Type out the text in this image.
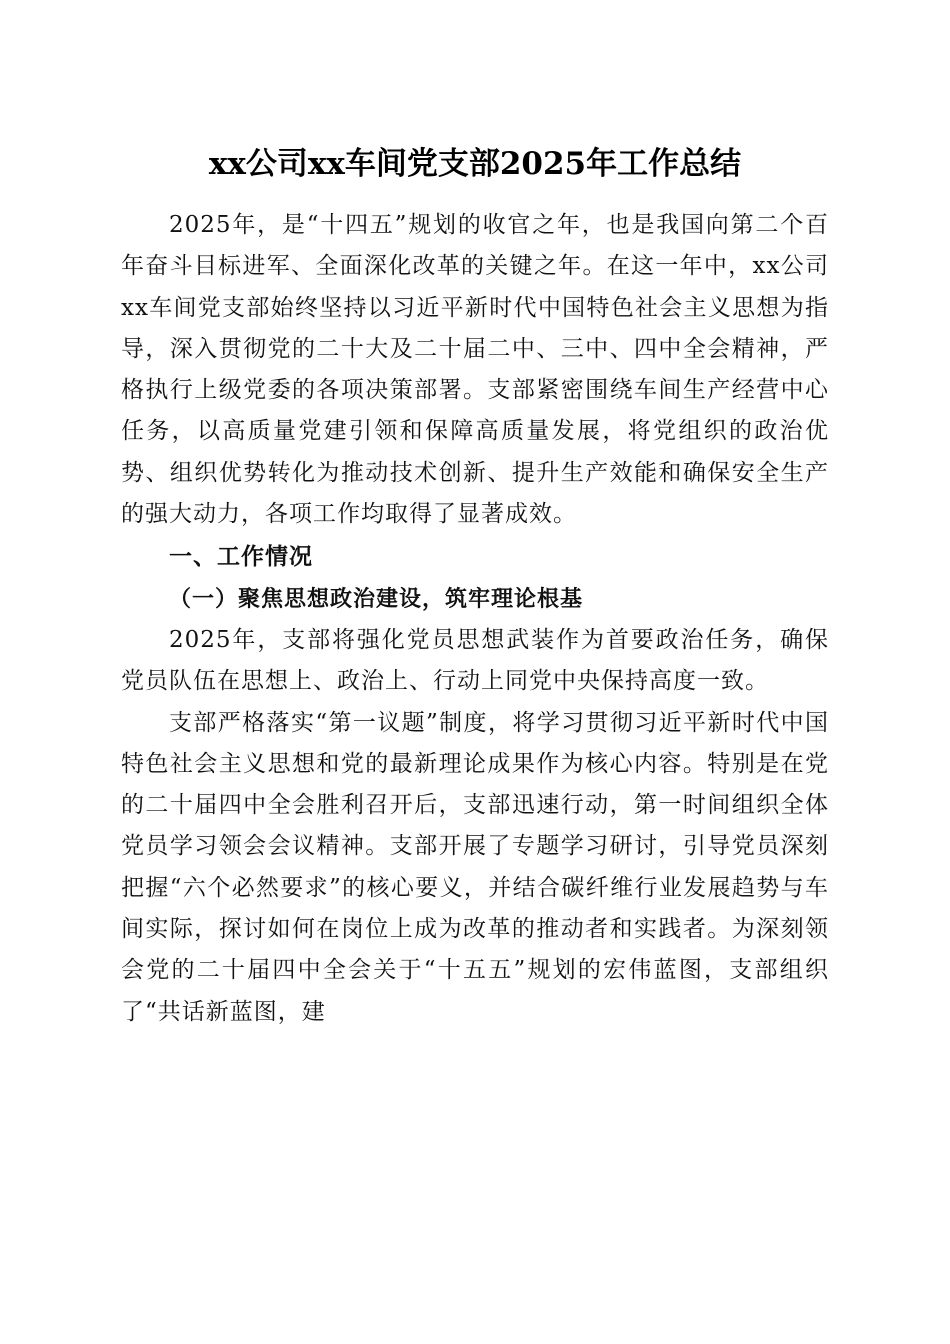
xx公司xx车间党支部2025年工作总结

2025年，是“十四五”规划的收官之年，也是我国向第二个百年奋斗目标进军、全面深化改革的关键之年。在这一年中，xx公司xx车间党支部始终坚持以习近平新时代中国特色社会主义思想为指导，深入贯彻党的二十大及二十届二中、三中、四中全会精神，严格执行上级党委的各项决策部署。支部紧密围绕车间生产经营中心任务，以高质量党建引领和保障高质量发展，将党组织的政治优势、组织优势转化为推动技术创新、提升生产效能和确保安全生产的强大动力，各项工作均取得了显著成效。

一、工作情况

（一）聚焦思想政治建设，筑牢理论根基

2025年，支部将强化党员思想武装作为首要政治任务，确保党员队伍在思想上、政治上、行动上同党中央保持高度一致。

支部严格落实“第一议题”制度，将学习贯彻习近平新时代中国特色社会主义思想和党的最新理论成果作为核心内容。特别是在党的二十届四中全会胜利召开后，支部迅速行动，第一时间组织全体党员学习领会会议精神。支部开展了专题学习研讨，引导党员深刻把握“六个必然要求”的核心要义，并结合碳纤维行业发展趋势与车间实际，探讨如何在岗位上成为改革的推动者和实践者。为深刻领会党的二十届四中全会关于“十五五”规划的宏伟蓝图，支部组织了“共话新蓝图，建
